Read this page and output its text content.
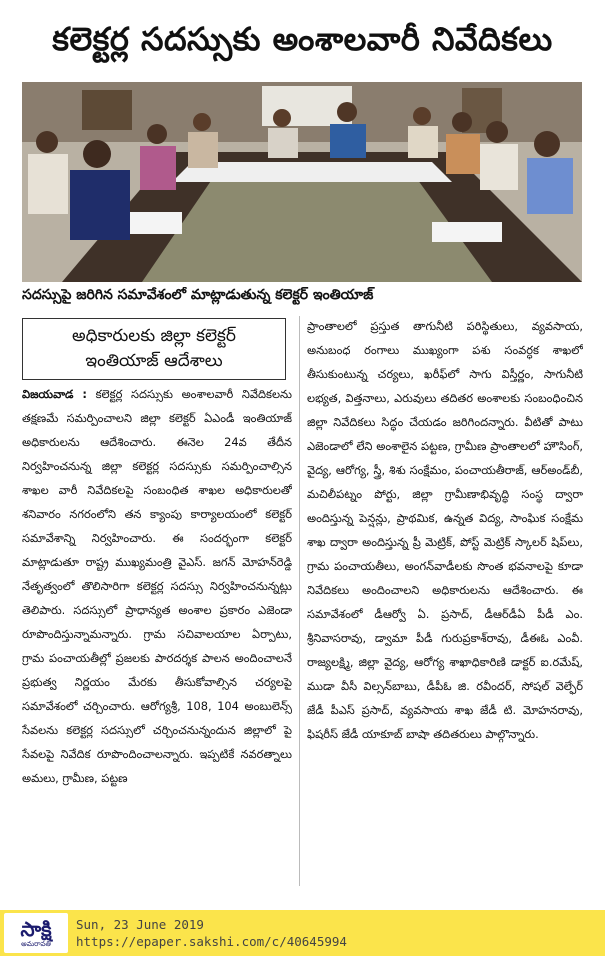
కలెక్టర్ల సదస్సుకు అంశాలవారీ నివేదికలు
సదస్సుపై జరిగిన సమావేశంలో మాట్లాడుతున్న కలెక్టర్‌ ఇంతియాజ్‌
అధికారులకు జిల్లా కలెక్టర్‌
ఇంతియాజ్‌ ఆదేశాలు

విజయవాడ : కలెక్టర్ల సదస్సుకు అంశాలవారీ నివేదికలను తక్షణమే సమర్పించాలని జిల్లా కలెక్టర్‌ ఏఎండీ ఇంతియాజ్‌ అధికారులను ఆదేశించారు. ఈనెల 24వ తేదీన నిర్వహించనున్న జిల్లా కలెక్టర్ల సదస్సుకు సమర్పించాల్సిన శాఖల వారీ నివేదికలపై సంబంధిత శాఖల అధికారులతో శనివారం నగరంలోని తన క్యాంపు కార్యాలయంలో కలెక్టర్‌ సమావేశాన్ని నిర్వహించారు. ఈ సందర్భంగా కలెక్టర్‌ మాట్లాడుతూ రాష్ట్ర ముఖ్యమంత్రి వైఎస్‌. జగన్‌ మోహన్‌రెడ్డి నేతృత్వంలో తొలిసారిగా కలెక్టర్ల సదస్సు నిర్వహించనున్నట్లు తెలిపారు. సదస్సులో ప్రాధాన్యత అంశాల ప్రకారం ఎజెండా రూపొందిస్తున్నామన్నారు. గ్రామ సచివాలయాల ఏర్పాటు, గ్రామ పంచాయతీల్లో ప్రజలకు పారదర్శక పాలన అందించాలనే ప్రభుత్వ నిర్ణయం మేరకు తీసుకోవాల్సిన చర్యలపై సమావేశంలో చర్చించారు. ఆరోగ్యశ్రీ, 108, 104 అంబులెన్స్‌ సేవలను కలెక్టర్ల సదస్సులో చర్చించనున్నందున జిల్లాలో పై సేవలపై నివేదిక రూపొందించాలన్నారు. ఇప్పటికే నవరత్నాలు అమలు, గ్రామీణ, పట్టణ

ప్రాంతాలలో ప్రస్తుత తాగునీటి పరిస్థితులు, వ్యవసాయ, అనుబంధ రంగాలు ముఖ్యంగా పశు సంవర్ధక శాఖలో తీసుకుంటున్న చర్యలు, ఖరీఫ్‌లో సాగు విస్తీర్ణం, సాగునీటి లభ్యత, విత్తనాలు, ఎరువులు తదితర అంశాలకు సంబంధించిన జిల్లా నివేదికలు సిద్ధం చేయడం జరిగిందన్నారు. వీటితో పాటు ఎజెండాలో లేని అంశాలైన పట్టణ, గ్రామీణ ప్రాంతాలలో హౌసింగ్‌, వైద్య, ఆరోగ్య, స్త్రీ, శిశు సంక్షేమం, పంచాయతీరాజ్‌, ఆర్‌అండ్‌బీ, మచిలీపట్నం పోర్టు, జిల్లా గ్రామీణాభివృద్ధి సంస్థ ద్వారా అందిస్తున్న పెన్షన్లు, ప్రాథమిక, ఉన్నత విద్య, సాంఘిక సంక్షేమ శాఖ ద్వారా అందిస్తున్న ప్రీ మెట్రిక్‌, పోస్ట్‌ మెట్రిక్‌ స్కాలర్‌ షిప్‌లు, గ్రామ పంచాయతీలు, అంగన్‌వాడీలకు సొంత భవనాలపై కూడా నివేదికలు అందించాలని అధికారులను ఆదేశించారు. ఈ సమావేశంలో డీఆర్వో ఏ. ప్రసాద్‌, డీఆర్‌డీఏ పీడీ ఎం. శ్రీనివాసరావు, డ్వామా పీడీ గురుప్రకాశ్‌రావు, డీఈఓ ఎంవీ. రాజ్యలక్ష్మి, జిల్లా వైద్య, ఆరోగ్య శాఖాధికారిణి డాక్టర్‌ ఐ.రమేష్‌, ముడా వీసీ విల్సన్‌బాబు, డీపీఓ జి. రవీందర్‌, సోషల్‌ వెల్ఫేర్‌ జేడీ పీఎస్‌ ప్రసాద్‌, వ్యవసాయ శాఖ జేడీ టి. మోహనరావు, ఫిషరీస్‌ జేడీ యాకూబ్‌ బాషా తదితరులు పాల్గొన్నారు.

సాక్షి
అమరావతి
Sun, 23 June 2019
https://epaper.sakshi.com/c/40645994
